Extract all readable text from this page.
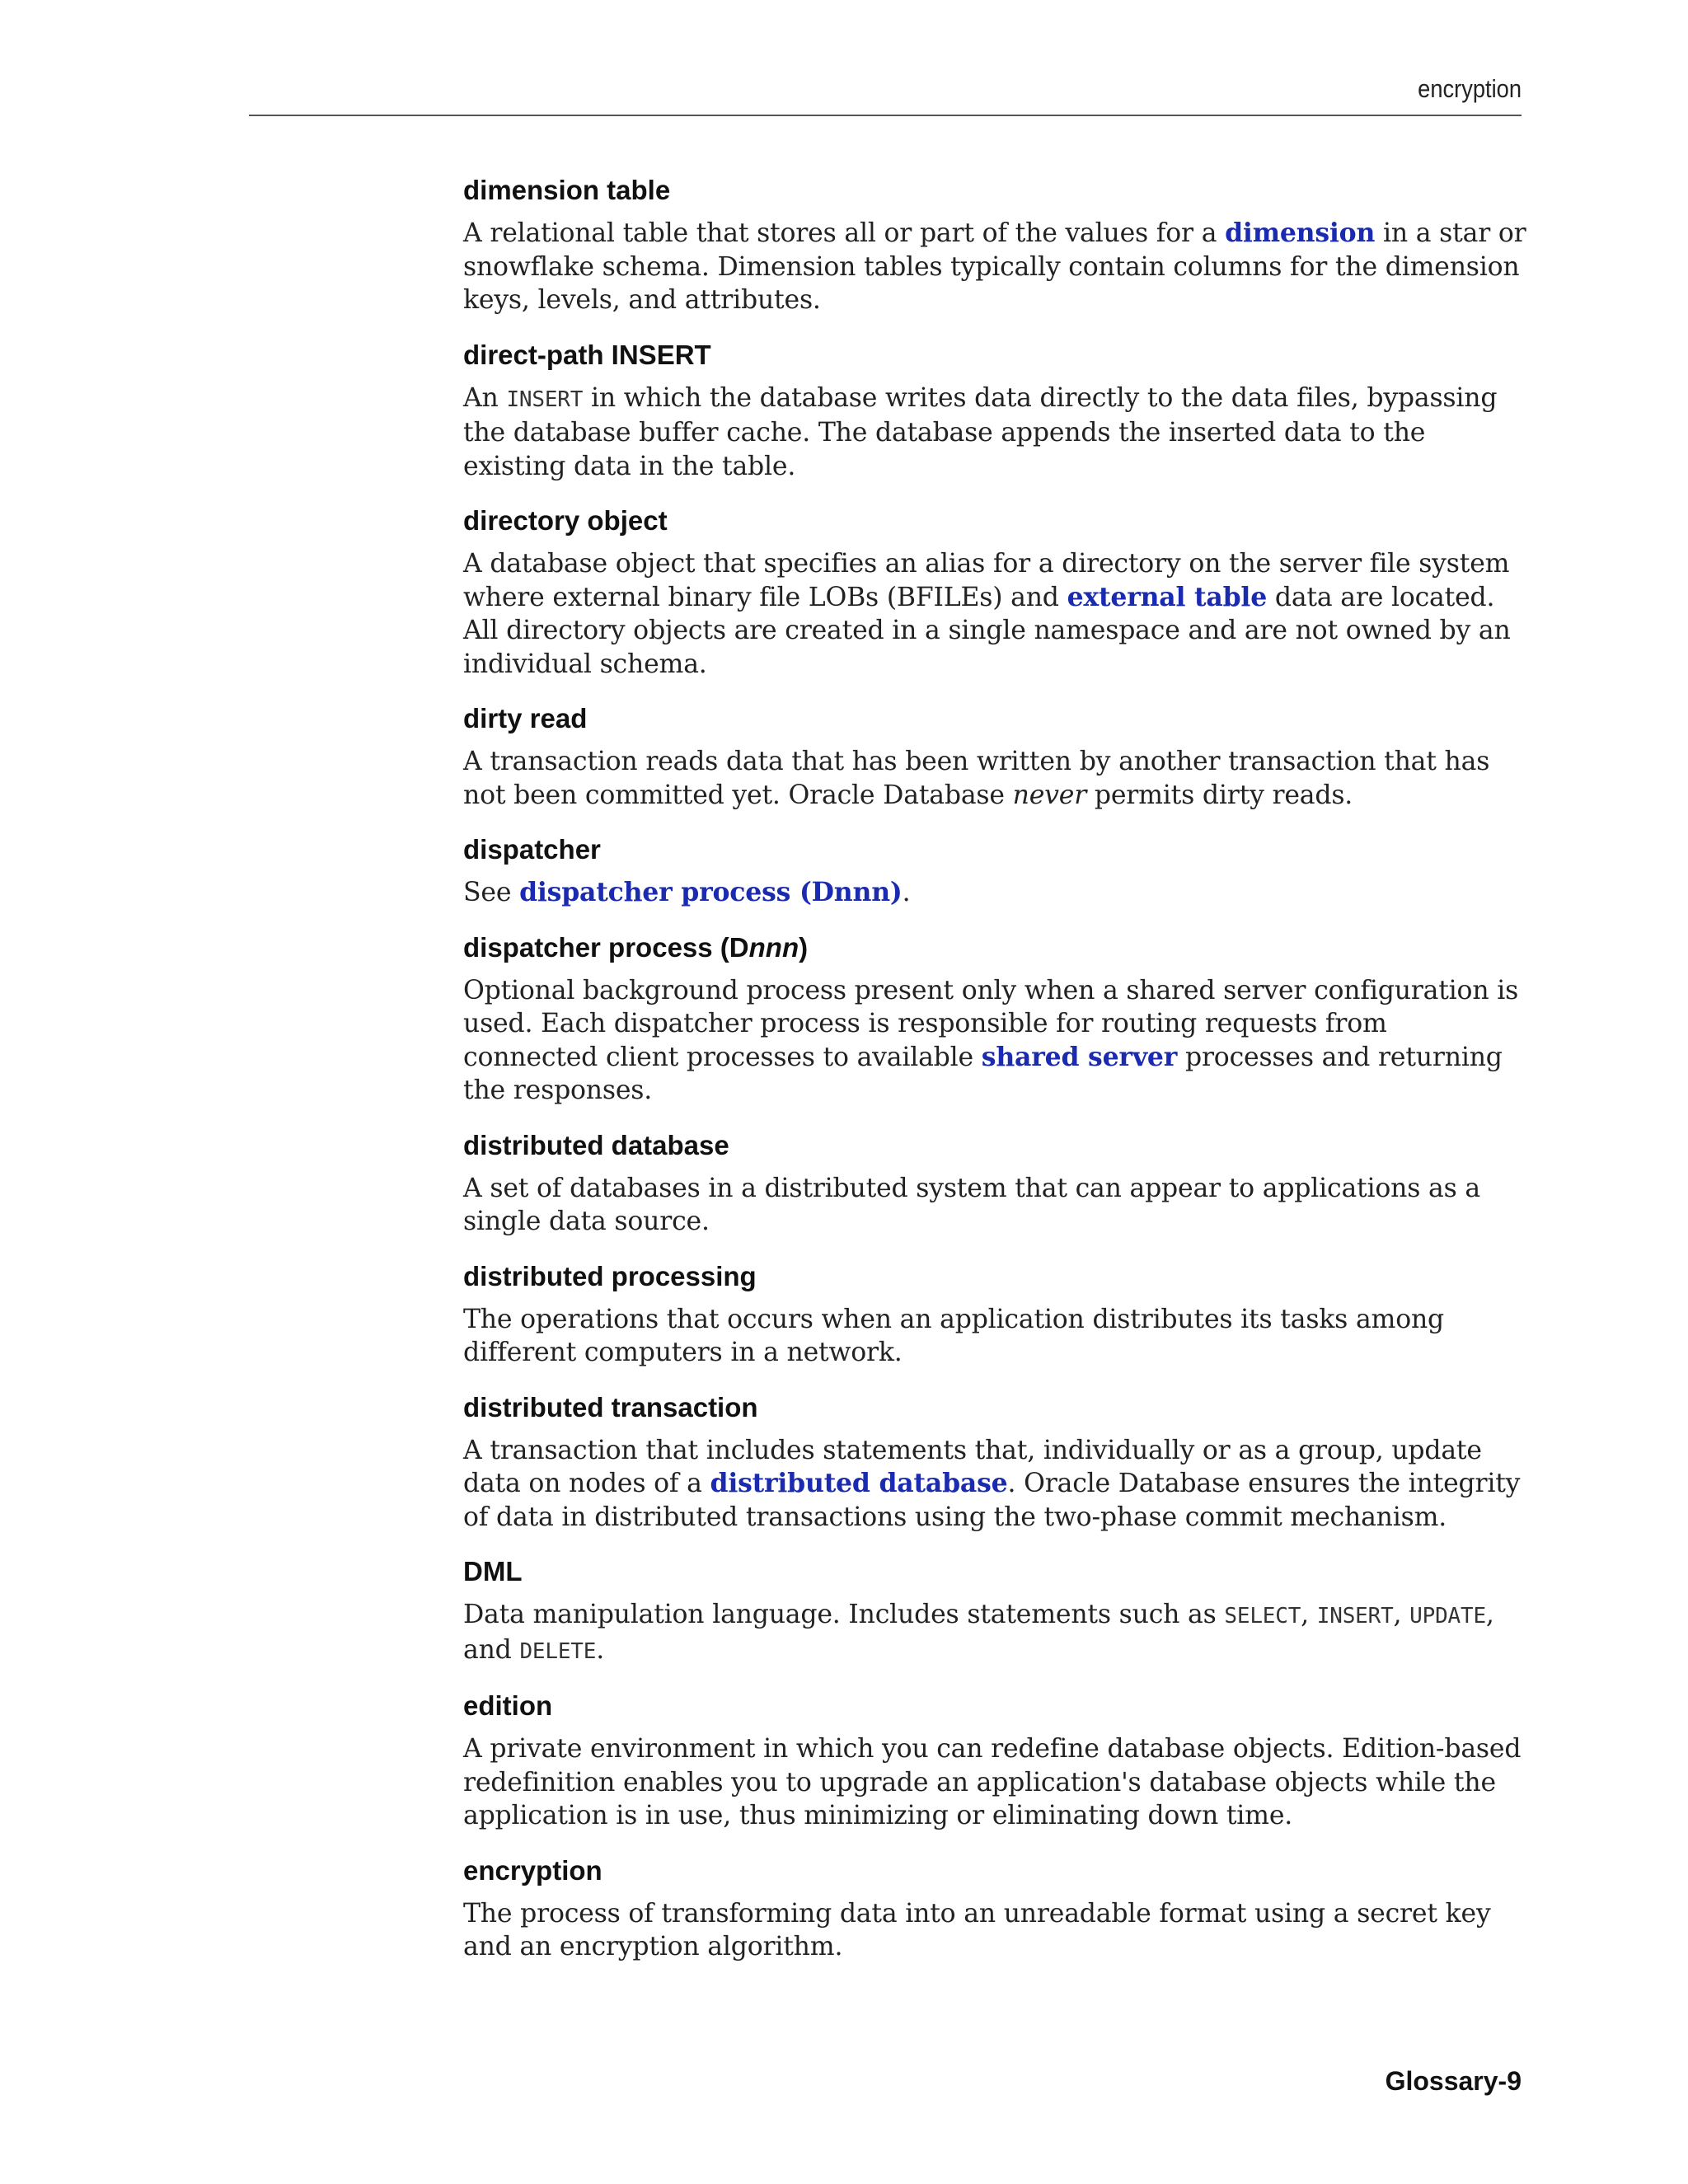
encryption
dimension table

A relational table that stores all or part of the values for a dimension in a star or snowflake schema. Dimension tables typically contain columns for the dimension keys, levels, and attributes.

direct-path INSERT

An INSERT in which the database writes data directly to the data files, bypassing the database buffer cache. The database appends the inserted data to the existing data in the table.

directory object

A database object that specifies an alias for a directory on the server file system where external binary file LOBs (BFILEs) and external table data are located. All directory objects are created in a single namespace and are not owned by an individual schema.

dirty read

A transaction reads data that has been written by another transaction that has not been committed yet. Oracle Database never permits dirty reads.

dispatcher

See dispatcher process (Dnnn).

dispatcher process (Dnnn)

Optional background process present only when a shared server configuration is used. Each dispatcher process is responsible for routing requests from connected client processes to available shared server processes and returning the responses.

distributed database

A set of databases in a distributed system that can appear to applications as a single data source.

distributed processing

The operations that occurs when an application distributes its tasks among different computers in a network.

distributed transaction

A transaction that includes statements that, individually or as a group, update data on nodes of a distributed database. Oracle Database ensures the integrity of data in distributed transactions using the two-phase commit mechanism.

DML

Data manipulation language. Includes statements such as SELECT, INSERT, UPDATE, and DELETE.

edition

A private environment in which you can redefine database objects. Edition-based redefinition enables you to upgrade an application's database objects while the application is in use, thus minimizing or eliminating down time.

encryption

The process of transforming data into an unreadable format using a secret key and an encryption algorithm.

Glossary-9
